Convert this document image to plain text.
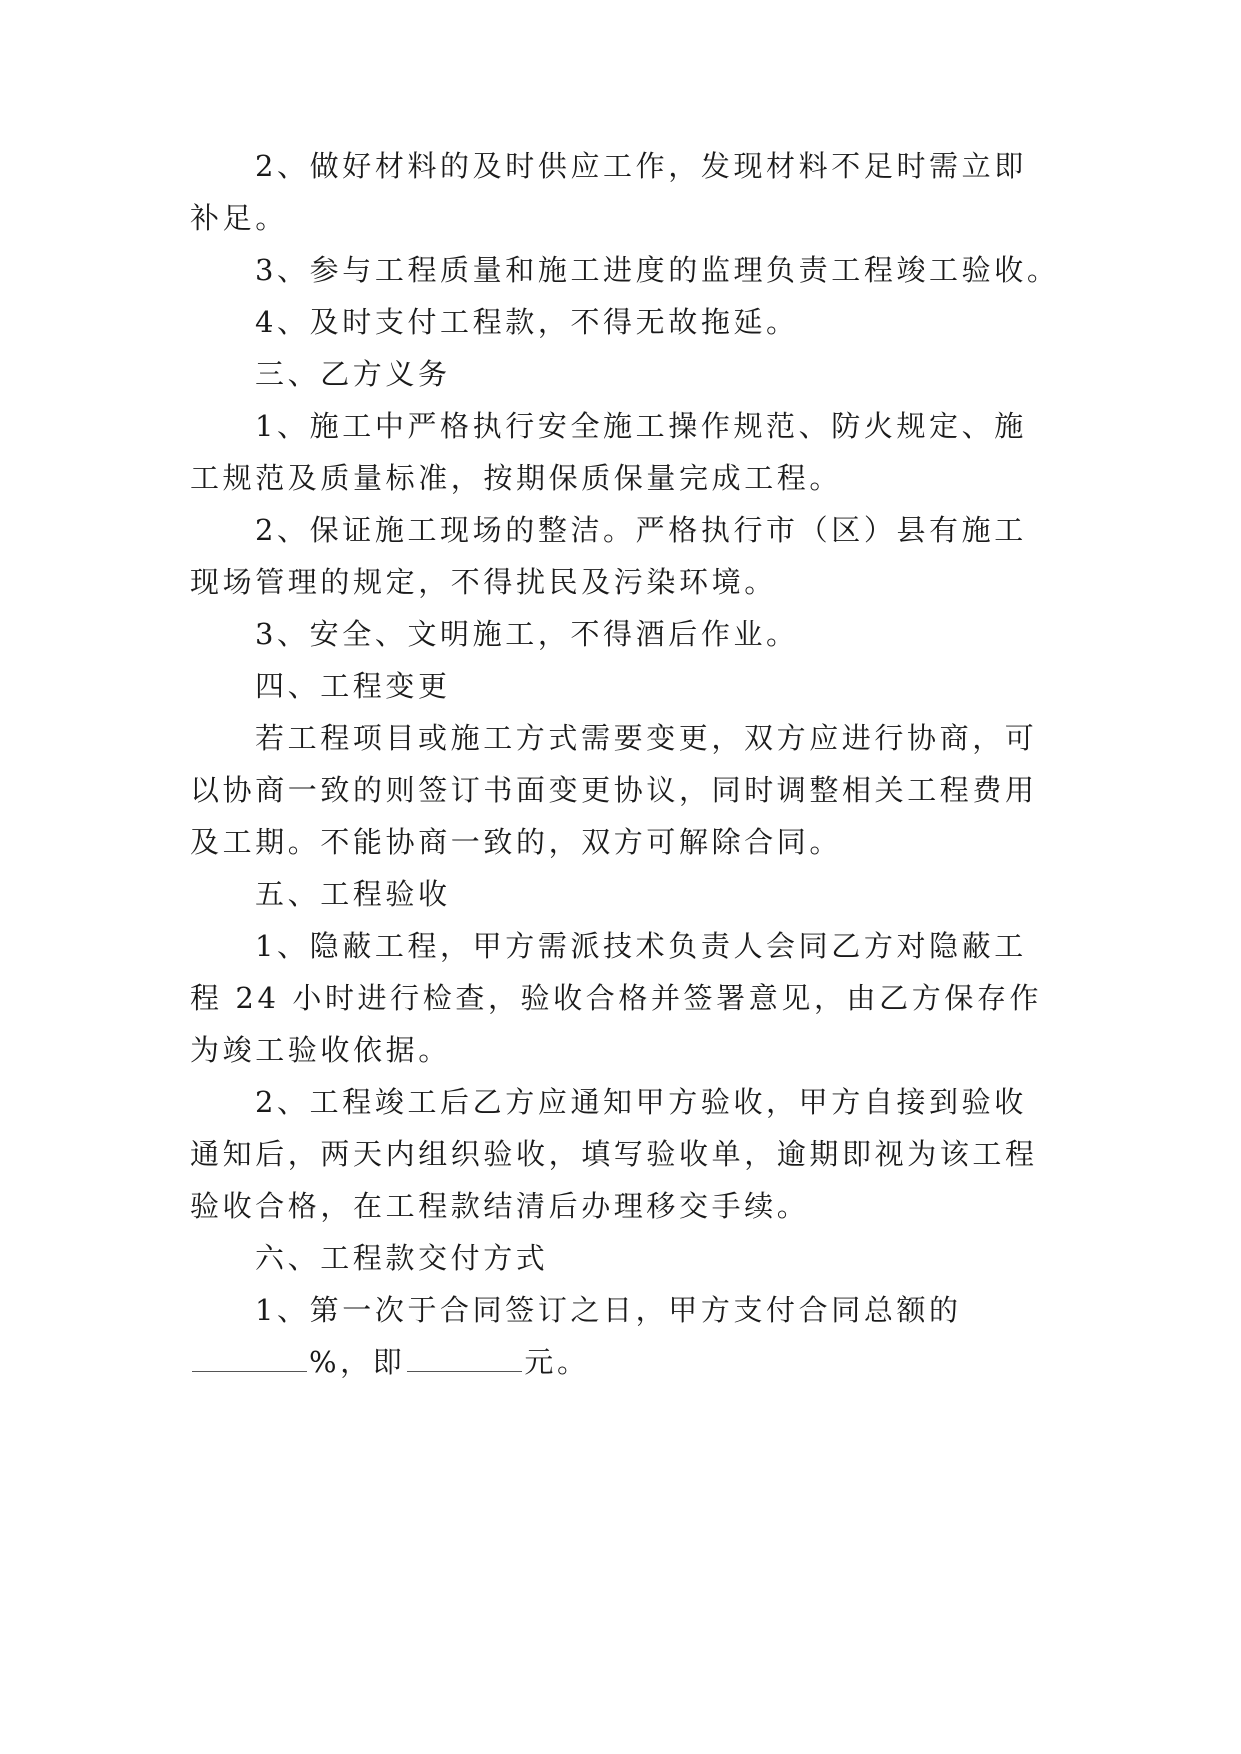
2、做好材料的及时供应工作，发现材料不足时需立即
补足。
3、参与工程质量和施工进度的监理负责工程竣工验收。
4、及时支付工程款，不得无故拖延。
三、乙方义务
1、施工中严格执行安全施工操作规范、防火规定、施
工规范及质量标准，按期保质保量完成工程。
2、保证施工现场的整洁。严格执行市（区）县有施工
现场管理的规定，不得扰民及污染环境。
3、安全、文明施工，不得酒后作业。
四、工程变更
若工程项目或施工方式需要变更，双方应进行协商，可
以协商一致的则签订书面变更协议，同时调整相关工程费用
及工期。不能协商一致的，双方可解除合同。
五、工程验收
1、隐蔽工程，甲方需派技术负责人会同乙方对隐蔽工
程 24 小时进行检查，验收合格并签署意见，由乙方保存作
为竣工验收依据。
2、工程竣工后乙方应通知甲方验收，甲方自接到验收
通知后，两天内组织验收，填写验收单，逾期即视为该工程
验收合格，在工程款结清后办理移交手续。
六、工程款交付方式
1、第一次于合同签订之日，甲方支付合同总额的
%，即	元。
